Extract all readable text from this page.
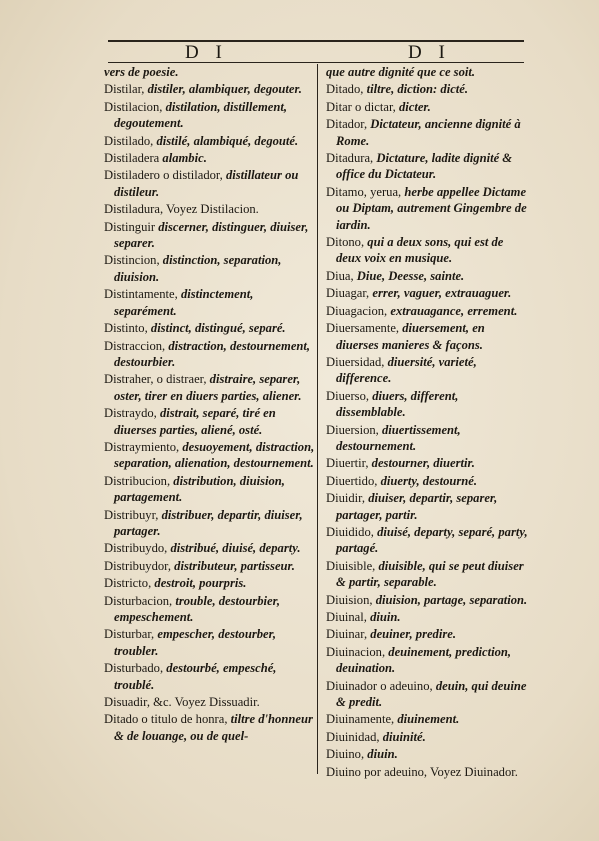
D I	D I
vers de poesie.
Distilar, distiler, alambiquer, degouter.
Distilacion, distilation, distillement, degoutement.
Distilado, distilé, alambiqué, degouté.
Distiladera alambic.
Distiladero o distilador, distillateur ou distileur.
Distiladura, Voyez Distilacion.
Distinguir discerner, distinguer, diuiser, separer.
Distincion, distinction, separation, diuision.
Distintamente, distinctement, separément.
Distinto, distinct, distingué, separé.
Distraccion, distraction, destournement, destourbier.
Distraher, o distraer, distraire, separer, oster, tirer en diuers parties, aliener.
Distraydo, distrait, separé, tiré en diuerses parties, aliené, osté.
Distraymiento, desuoyement, distraction, separation, alienation, destournement.
Distribucion, distribution, diuision, partagement.
Distribuyr, distribuer, departir, diuiser, partager.
Distribuydo, distribué, diuisé, departy.
Distribuydor, distributeur, partisseur.
Districto, destroit, pourpris.
Disturbacion, trouble, destourbier, empeschement.
Disturbar, empescher, destourber, troubler.
Disturbado, destourbé, empesché, troublé.
Disuadir, &c. Voyez Dissuadir.
Ditado o titulo de honra, tiltre d'honneur & de louange, ou de quel-
que autre dignité que ce soit.
Ditado, tiltre, diction: dicté.
Ditar o dictar, dicter.
Ditador, Dictateur, ancienne dignité à Rome.
Ditadura, Dictature, ladite dignité & office du Dictateur.
Ditamo, yerua, herbe appellee Dictame ou Diptam, autrement Gingembre de iardin.
Ditono, qui a deux sons, qui est de deux voix en musique.
Diua, Diue, Deesse, sainte.
Diuagar, errer, vaguer, extrauaguer.
Diuagacion, extrauagance, errement.
Diuersamente, diuersement, en diuerses manieres & façons.
Diuersidad, diuersité, varieté, difference.
Diuerso, diuers, different, dissemblable.
Diuersion, diuertissement, destournement.
Diuertir, destourner, diuertir.
Diuertido, diuerty, destourné.
Diuidir, diuiser, departir, separer, partager, partir.
Diuidido, diuisé, departy, separé, party, partagé.
Diuisible, diuisible, qui se peut diuiser & partir, separable.
Diuision, diuision, partage, separation.
Diuinal, diuin.
Diuinar, deuiner, predire.
Diuinacion, deuinement, prediction, deuination.
Diuinador o adeuino, deuin, qui deuine & predit.
Diuinamente, diuinement.
Diuinidad, diuinité.
Diuino, diuin.
Diuino por adeuino, Voyez Diuinador.
